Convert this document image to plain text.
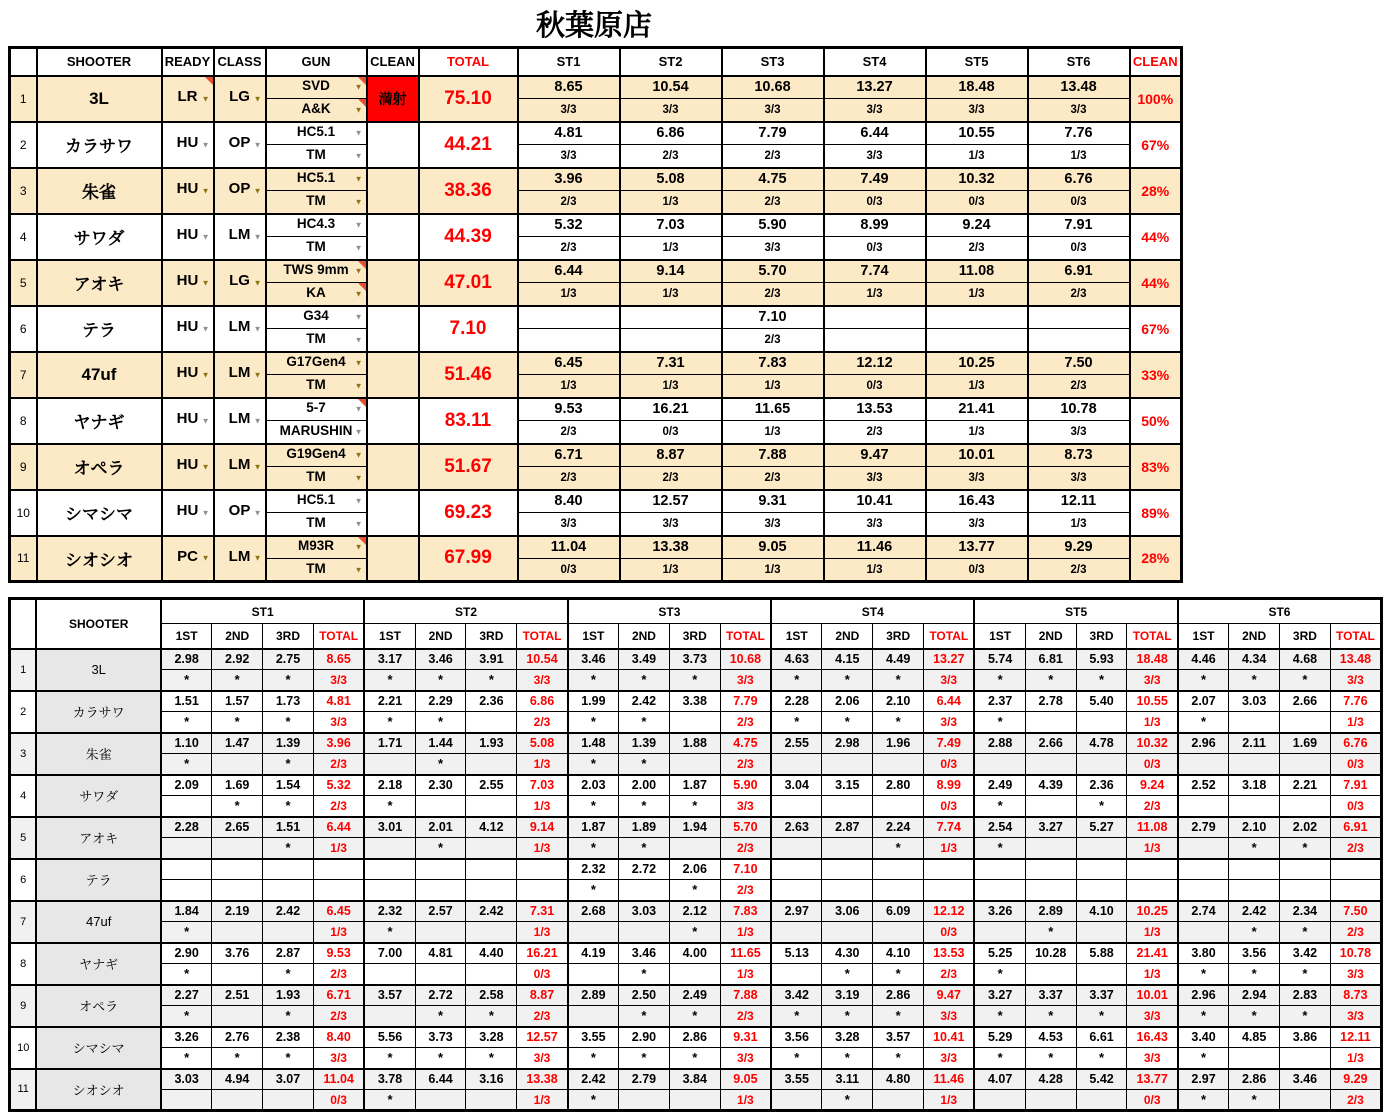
秋葉原店
	SHOOTER	READY	CLASS	GUN	CLEAN	TOTAL	ST1	ST2	ST3	ST4	ST5	ST6	CLEAN
1	3L	LR ▼	LG ▼	SVD ▼	満射	75.10	8.65	10.54	10.68	13.27	18.48	13.48	100%
				A&K ▼			3/3	3/3	3/3	3/3	3/3	3/3	
2	カラサワ	HU ▼	OP ▼	HC5.1 ▼		44.21	4.81	6.86	7.79	6.44	10.55	7.76	67%
				TM ▼			3/3	2/3	2/3	3/3	1/3	1/3	
3	朱雀	HU ▼	OP ▼	HC5.1 ▼		38.36	3.96	5.08	4.75	7.49	10.32	6.76	28%
				TM ▼			2/3	1/3	2/3	0/3	0/3	0/3	
4	サワダ	HU ▼	LM ▼	HC4.3 ▼		44.39	5.32	7.03	5.90	8.99	9.24	7.91	44%
				TM ▼			2/3	1/3	3/3	0/3	2/3	0/3	
5	アオキ	HU ▼	LG ▼	TWS 9mm ▼		47.01	6.44	9.14	5.70	7.74	11.08	6.91	44%
				KA ▼			1/3	1/3	2/3	1/3	1/3	2/3	
6	テラ	HU ▼	LM ▼	G34 ▼		7.10			7.10				67%
				TM ▼					2/3				
7	47uf	HU ▼	LM ▼	G17Gen4 ▼		51.46	6.45	7.31	7.83	12.12	10.25	7.50	33%
				TM ▼			1/3	1/3	1/3	0/3	1/3	2/3	
8	ヤナギ	HU ▼	LM ▼	5-7 ▼		83.11	9.53	16.21	11.65	13.53	21.41	10.78	50%
				MARUSHIN ▼			2/3	0/3	1/3	2/3	1/3	3/3	
9	オペラ	HU ▼	LM ▼	G19Gen4 ▼		51.67	6.71	8.87	7.88	9.47	10.01	8.73	83%
				TM ▼			2/3	2/3	2/3	3/3	3/3	3/3	
10	シマシマ	HU ▼	OP ▼	HC5.1 ▼		69.23	8.40	12.57	9.31	10.41	16.43	12.11	89%
				TM ▼			3/3	3/3	3/3	3/3	3/3	1/3	
11	シオシオ	PC ▼	LM ▼	M93R ▼		67.99	11.04	13.38	9.05	11.46	13.77	9.29	28%
				TM ▼			0/3	1/3	1/3	1/3	0/3	2/3	
	SHOOTER	ST1				ST2				ST3				ST4				ST5				ST6			
		1ST	2ND	3RD	TOTAL	1ST	2ND	3RD	TOTAL	1ST	2ND	3RD	TOTAL	1ST	2ND	3RD	TOTAL	1ST	2ND	3RD	TOTAL	1ST	2ND	3RD	TOTAL
1	3L	2.98	2.92	2.75	8.65	3.17	3.46	3.91	10.54	3.46	3.49	3.73	10.68	4.63	4.15	4.49	13.27	5.74	6.81	5.93	18.48	4.46	4.34	4.68	13.48
		*	*	*	3/3	*	*	*	3/3	*	*	*	3/3	*	*	*	3/3	*	*	*	3/3	*	*	*	3/3
2	カラサワ	1.51	1.57	1.73	4.81	2.21	2.29	2.36	6.86	1.99	2.42	3.38	7.79	2.28	2.06	2.10	6.44	2.37	2.78	5.40	10.55	2.07	3.03	2.66	7.76
		*	*	*	3/3	*	*		2/3	*	*		2/3	*	*	*	3/3	*			1/3	*			1/3
3	朱雀	1.10	1.47	1.39	3.96	1.71	1.44	1.93	5.08	1.48	1.39	1.88	4.75	2.55	2.98	1.96	7.49	2.88	2.66	4.78	10.32	2.96	2.11	1.69	6.76
		*		*	2/3		*		1/3	*	*		2/3				0/3				0/3				0/3
4	サワダ	2.09	1.69	1.54	5.32	2.18	2.30	2.55	7.03	2.03	2.00	1.87	5.90	3.04	3.15	2.80	8.99	2.49	4.39	2.36	9.24	2.52	3.18	2.21	7.91
			*	*	2/3	*			1/3	*	*	*	3/3				0/3	*		*	2/3				0/3
5	アオキ	2.28	2.65	1.51	6.44	3.01	2.01	4.12	9.14	1.87	1.89	1.94	5.70	2.63	2.87	2.24	7.74	2.54	3.27	5.27	11.08	2.79	2.10	2.02	6.91
				*	1/3		*		1/3	*	*		2/3			*	1/3	*			1/3		*	*	2/3
6	テラ									2.32	2.72	2.06	7.10												
										*		*	2/3												
7	47uf	1.84	2.19	2.42	6.45	2.32	2.57	2.42	7.31	2.68	3.03	2.12	7.83	2.97	3.06	6.09	12.12	3.26	2.89	4.10	10.25	2.74	2.42	2.34	7.50
		*			1/3	*			1/3			*	1/3				0/3		*		1/3		*	*	2/3
8	ヤナギ	2.90	3.76	2.87	9.53	7.00	4.81	4.40	16.21	4.19	3.46	4.00	11.65	5.13	4.30	4.10	13.53	5.25	10.28	5.88	21.41	3.80	3.56	3.42	10.78
		*		*	2/3				0/3		*		1/3		*	*	2/3	*			1/3	*	*	*	3/3
9	オペラ	2.27	2.51	1.93	6.71	3.57	2.72	2.58	8.87	2.89	2.50	2.49	7.88	3.42	3.19	2.86	9.47	3.27	3.37	3.37	10.01	2.96	2.94	2.83	8.73
		*		*	2/3		*	*	2/3		*	*	2/3	*	*	*	3/3	*	*	*	3/3	*	*	*	3/3
10	シマシマ	3.26	2.76	2.38	8.40	5.56	3.73	3.28	12.57	3.55	2.90	2.86	9.31	3.56	3.28	3.57	10.41	5.29	4.53	6.61	16.43	3.40	4.85	3.86	12.11
		*	*	*	3/3	*	*	*	3/3	*	*	*	3/3	*	*	*	3/3	*	*	*	3/3	*			1/3
11	シオシオ	3.03	4.94	3.07	11.04	3.78	6.44	3.16	13.38	2.42	2.79	3.84	9.05	3.55	3.11	4.80	11.46	4.07	4.28	5.42	13.77	2.97	2.86	3.46	9.29
					0/3	*			1/3	*			1/3		*		1/3				0/3	*	*		2/3
